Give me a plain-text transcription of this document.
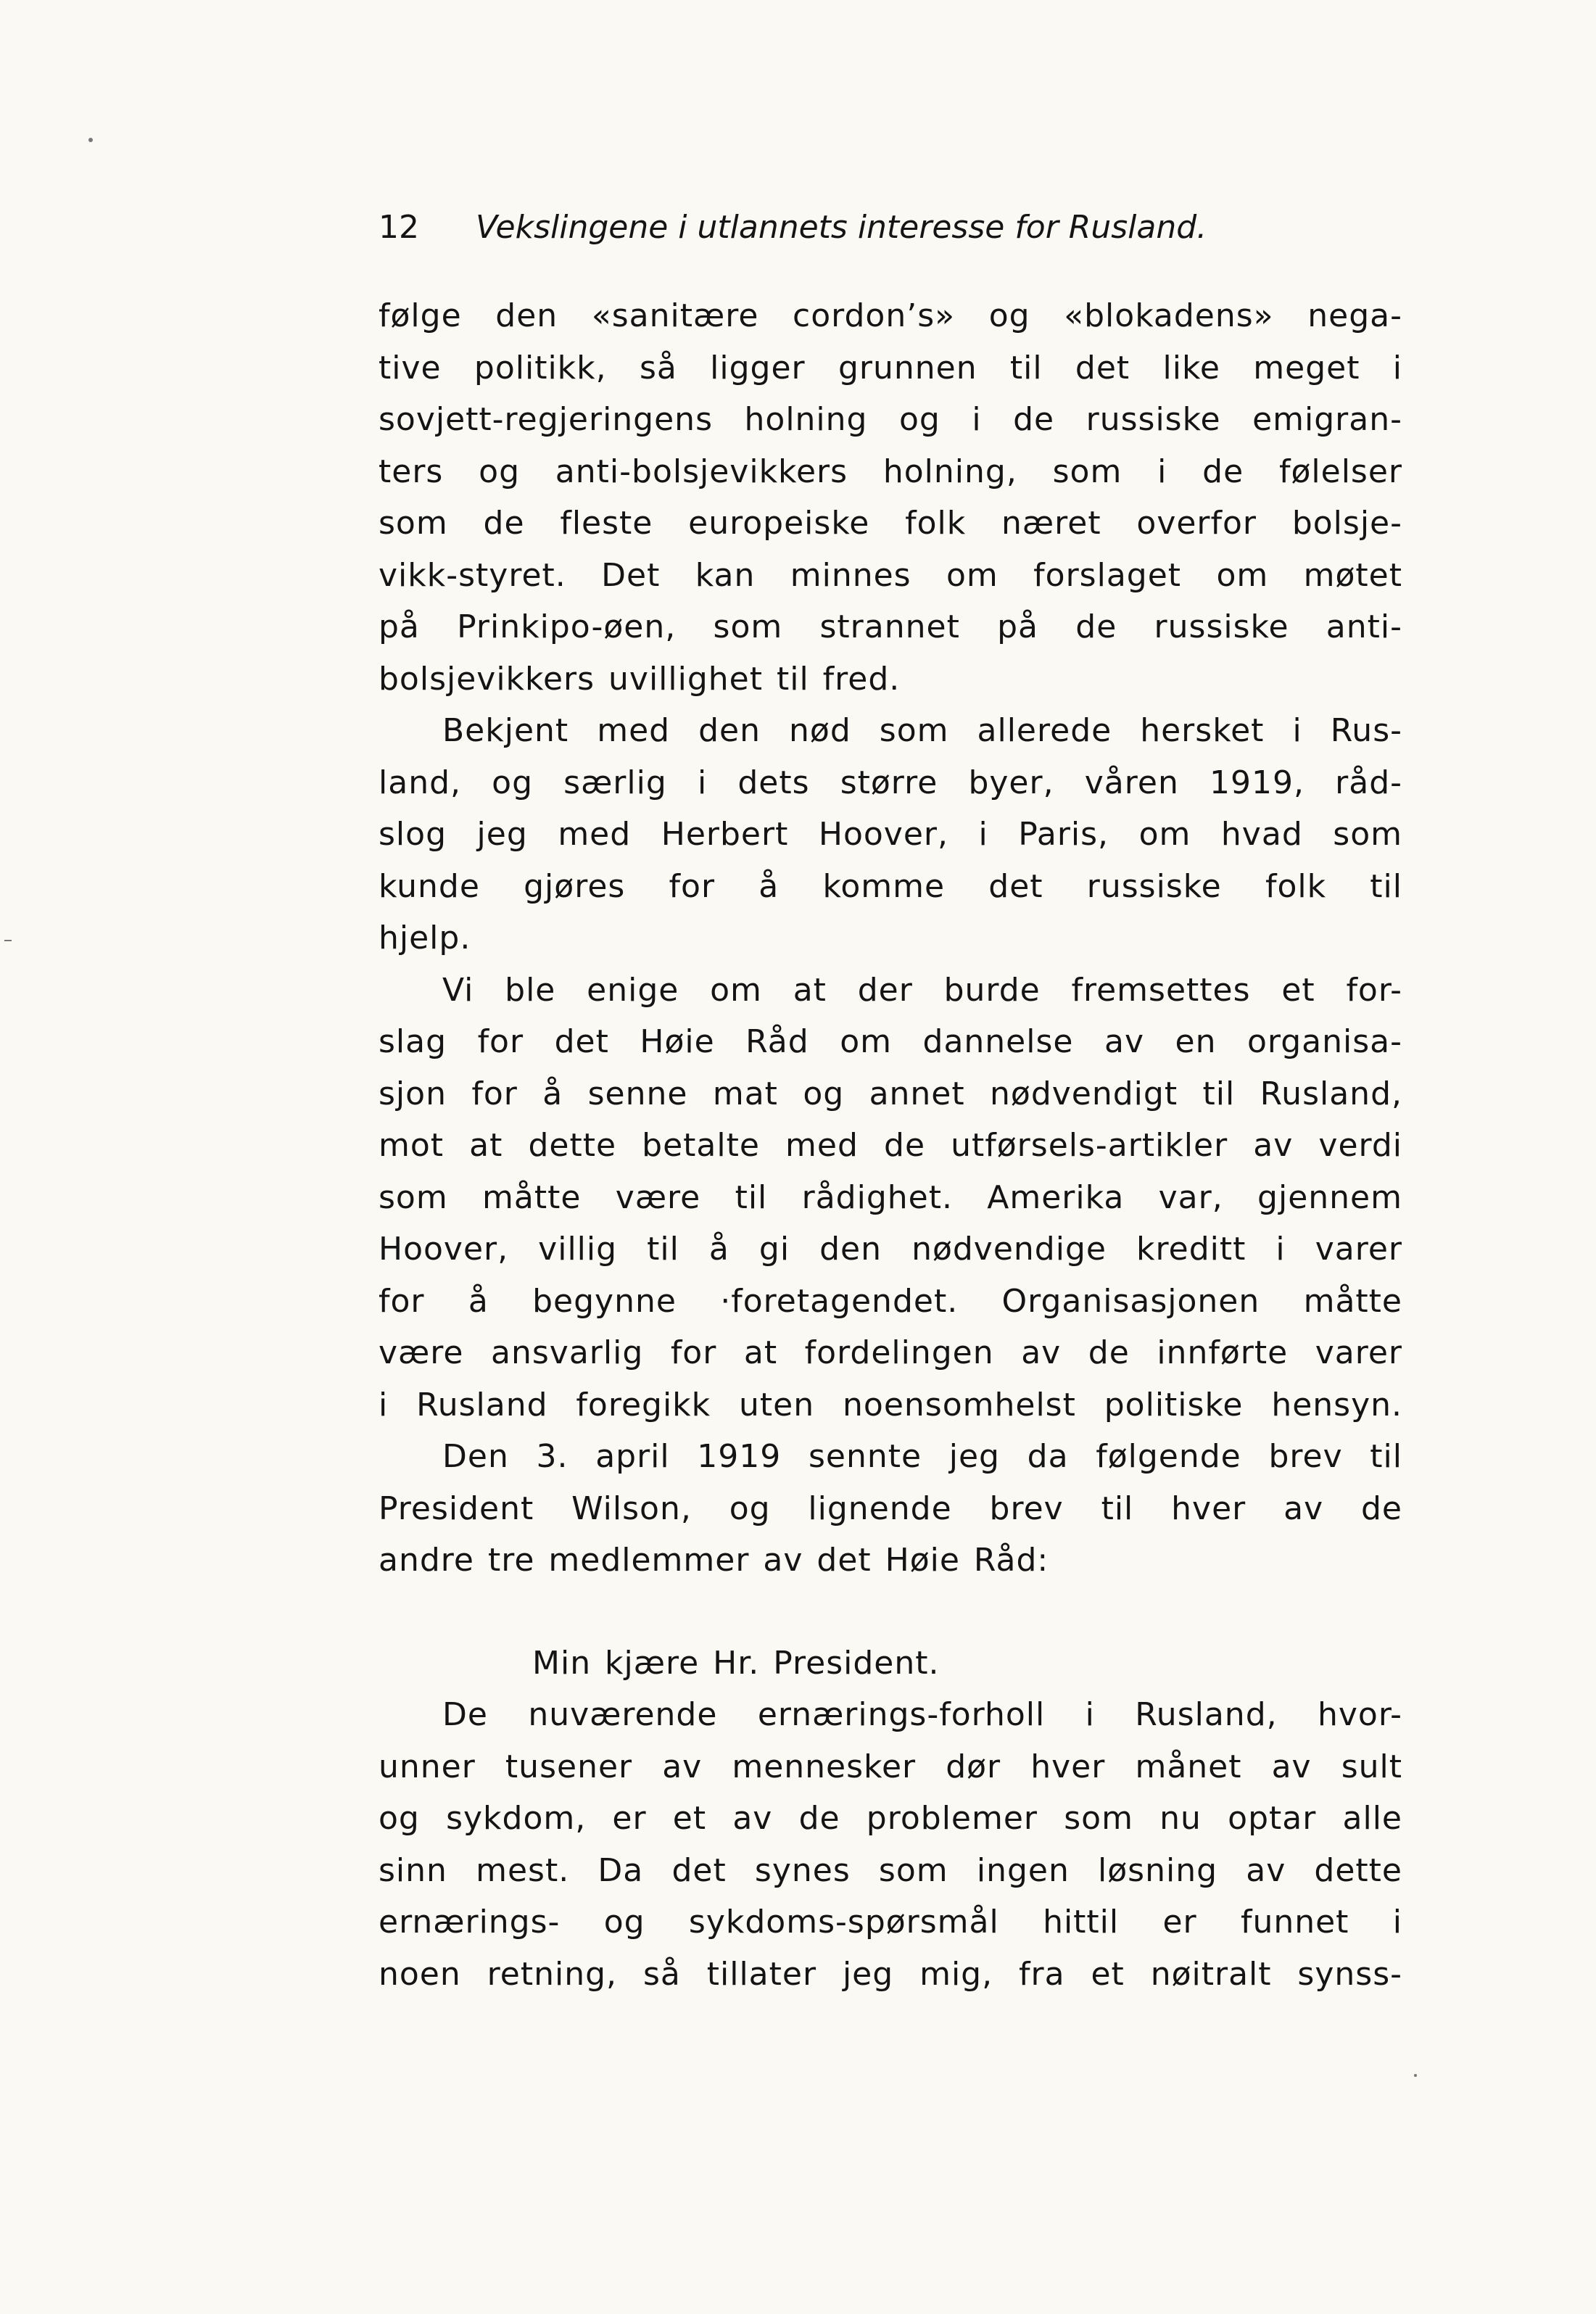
12 Vekslingene i utlannets interesse for Rusland.
følge den «sanitære cordon’s» og «blokadens» nega-
tive politikk, så ligger grunnen til det like meget i
sovjett-regjeringens holning og i de russiske emigran-
ters og anti-bolsjevikkers holning, som i de følelser
som de fleste europeiske folk næret overfor bolsje-
vikk-styret. Det kan minnes om forslaget om møtet
på Prinkipo-øen, som strannet på de russiske anti-
bolsjevikkers uvillighet til fred.
Bekjent med den nød som allerede hersket i Rus-
land, og særlig i dets større byer, våren 1919, råd-
slog jeg med Herbert Hoover, i Paris, om hvad som
kunde gjøres for å komme det russiske folk til
hjelp.
Vi ble enige om at der burde fremsettes et for-
slag for det Høie Råd om dannelse av en organisa-
sjon for å senne mat og annet nødvendigt til Rusland,
mot at dette betalte med de utførsels-artikler av verdi
som måtte være til rådighet. Amerika var, gjennem
Hoover, villig til å gi den nødvendige kreditt i varer
for å begynne ·foretagendet. Organisasjonen måtte
være ansvarlig for at fordelingen av de innførte varer
i Rusland foregikk uten noensomhelst politiske hensyn.
Den 3. april 1919 sennte jeg da følgende brev til
President Wilson, og lignende brev til hver av de
andre tre medlemmer av det Høie Råd:
Min kjære Hr. President.
De nuværende ernærings-forholl i Rusland, hvor-
unner tusener av mennesker dør hver månet av sult
og sykdom, er et av de problemer som nu optar alle
sinn mest. Da det synes som ingen løsning av dette
ernærings- og sykdoms-spørsmål hittil er funnet i
noen retning, så tillater jeg mig, fra et nøitralt synss-
